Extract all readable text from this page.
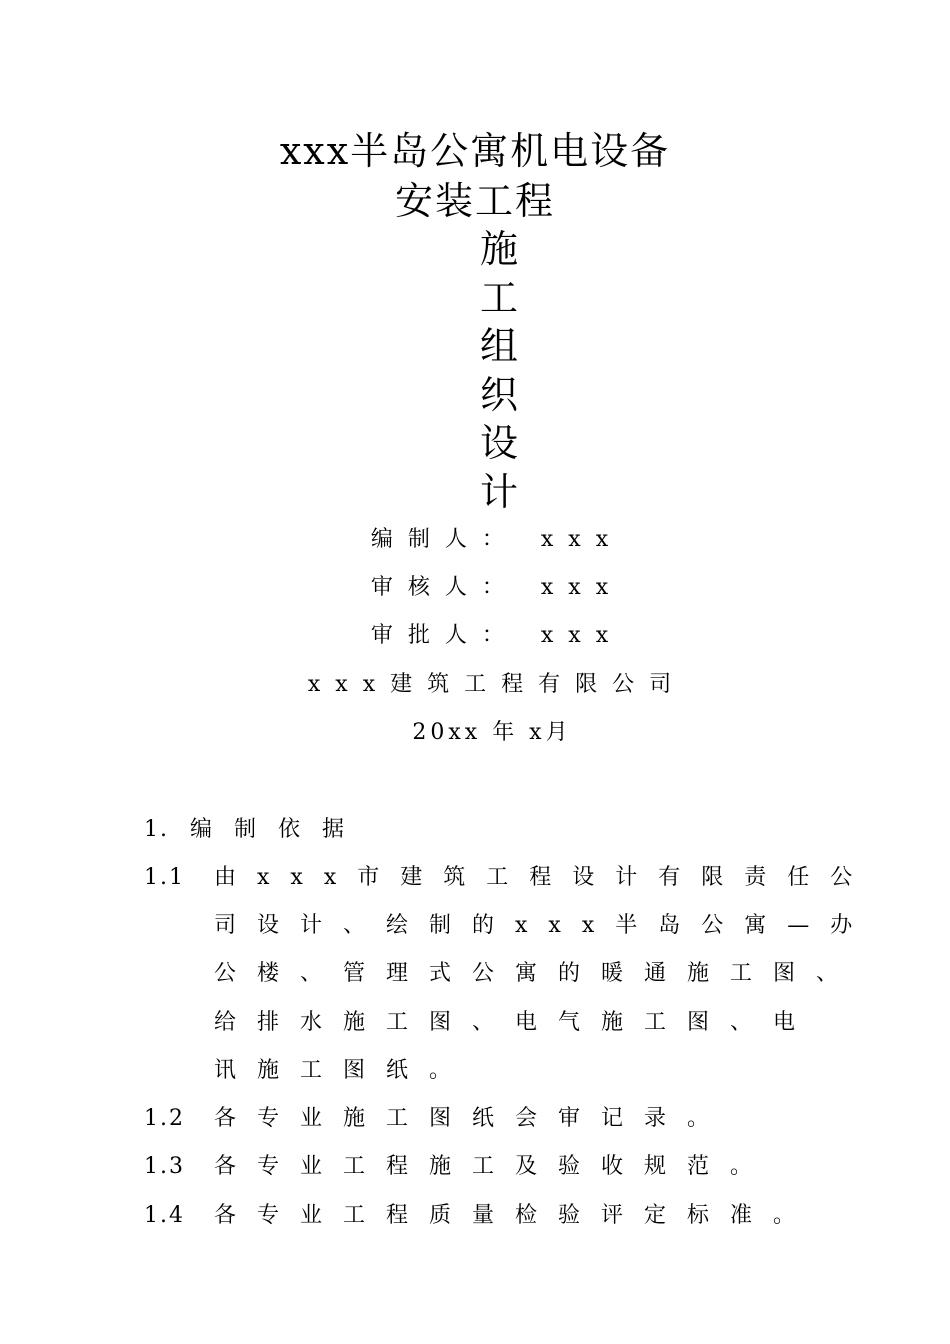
xxx半岛公寓机电设备
安装工程
施
工
组
织
设
计
编制人： xxx
审核人： xxx
审批人： xxx
xxx建筑工程有限公司
20xx 年 x月
1. 编制依据
1.1 由xxx市建筑工程设计有限责任公
司设计、绘制的xxx半岛公寓—办
公楼、管理式公寓的暖通施工图、
给排水施工图、电气施工图、电
讯施工图纸。
1.2 各专业施工图纸会审记录。
1.3 各专业工程施工及验收规范。
1.4 各专业工程质量检验评定标准。
